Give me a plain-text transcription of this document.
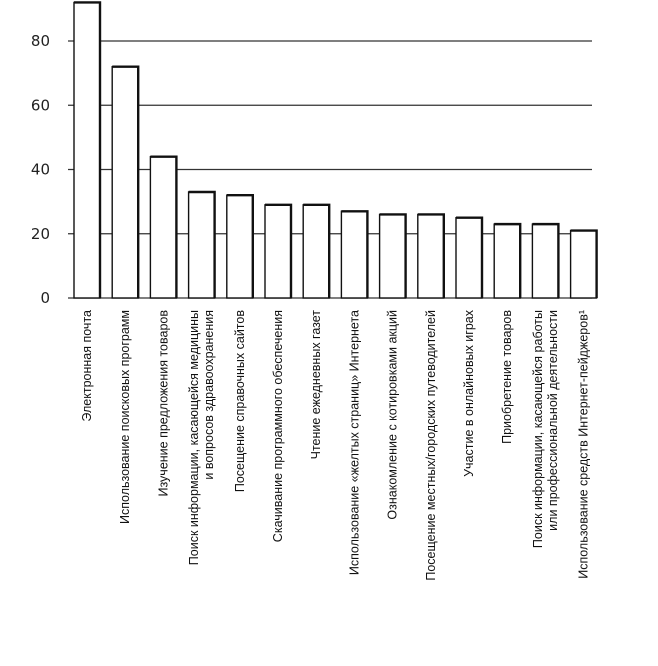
0
20
40
60
80
Электронная почта Использование поисковых программ Изучение предложения товаров Поиск информации, касающейся медициныи вопросов здравоохранения Посещение справочных сайтов Скачивание программного обеспечения Чтение ежедневных газет Использование «желтых страниц» Интернета Ознакомление с котировками акций Посещение местных/городских путеводителей Участие в онлайновых играх Приобретение товаров Поиск информации, касающейся работыили профессиональной деятельности Использование средств Интернет-пейджеров¹
